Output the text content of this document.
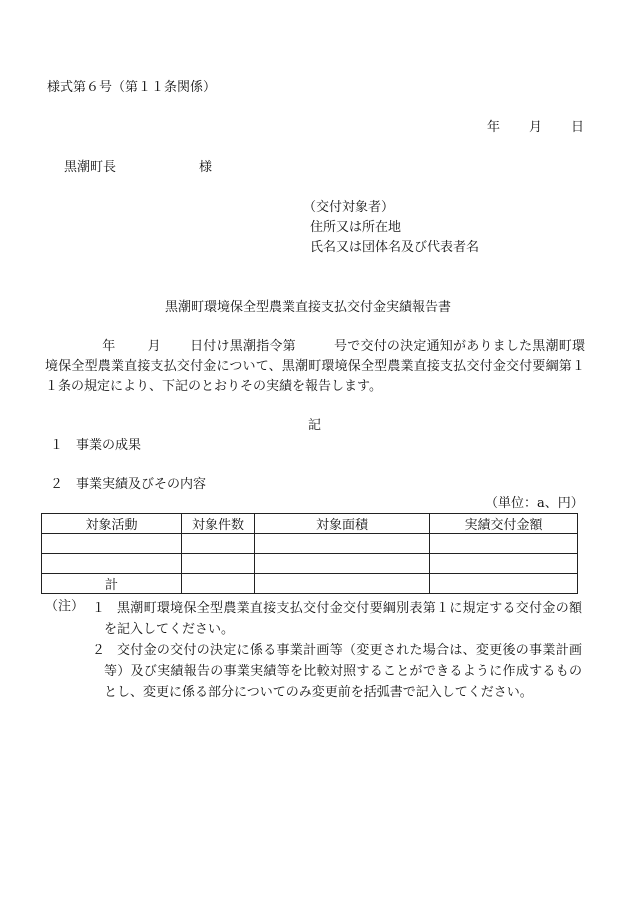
様式第６号（第１１条関係）
年 月 日
黒潮町長	様
（交付対象者）
住所又は所在地
氏名又は団体名及び代表者名
黒潮町環境保全型農業直接支払交付金実績報告書
年 月 日付け黒潮指令第	号で交付の決定通知がありました黒潮町環境保全型農業直接支払交付金について、黒潮町環境保全型農業直接支払交付金交付要綱第１１条の規定により、下記のとおりその実績を報告します。
記
１　事業の成果
２　事業実績及びその内容
（単位：a、円）
対象活動	対象件数	対象面積	実績交付金額

計			
（注） １ 黒潮町環境保全型農業直接支払交付金交付要綱別表第１に規定する交付金の額を記入してください。
２ 交付金の交付の決定に係る事業計画等（変更された場合は、変更後の事業計画等）及び実績報告の事業実績等を比較対照することができるように作成するものとし、変更に係る部分についてのみ変更前を括弧書で記入してください。
